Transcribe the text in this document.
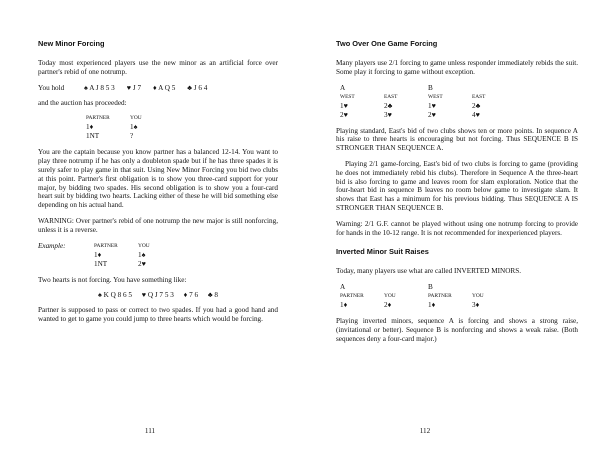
New Minor Forcing
Today most experienced players use the new minor as an artificial force over partner's rebid of one notrump.
You hold	♠ A J 8 5 3 ♥ J 7 ♦ A Q 5 ♣ J 6 4
and the auction has proceeded:
PARTNER	YOU
1♦	1♠
1NT	?
You are the captain because you know partner has a balanced 12-14. You want to play three notrump if he has only a doubleton spade but if he has three spades it is surely safer to play game in that suit. Using New Minor Forcing you bid two clubs at this point. Partner's first obligation is to show you three-card support for your major, by bidding two spades. His second obligation is to show you a four-card heart suit by bidding two hearts. Lacking either of these he will bid something else depending on his actual hand.
WARNING: Over partner's rebid of one notrump the new major is still nonforcing, unless it is a reverse.
Example:	PARTNER	YOU
1♦	1♠
1NT	2♥
Two hearts is not forcing. You have something like:
♠ K Q 8 6 5 ♥ Q J 7 5 3 ♦ 7 6 ♣ 8
Partner is supposed to pass or correct to two spades. If you had a good hand and wanted to get to game you could jump to three hearts which would be forcing.
111
Two Over One Game Forcing
Many players use 2/1 forcing to game unless responder immediately rebids the suit. Some play it forcing to game without exception.
A	B
WEST	EAST	WEST	EAST
1♥	2♣	1♥	2♣
2♥	3♥	2♥	4♥
Playing standard, East's bid of two clubs shows ten or more points. In sequence A his raise to three hearts is encouraging but not forcing. Thus SEQUENCE B IS STRONGER THAN SEQUENCE A.
Playing 2/1 game-forcing, East's bid of two clubs is forcing to game (providing he does not immediately rebid his clubs). Therefore in Sequence A the three-heart bid is also forcing to game and leaves room for slam exploration. Notice that the four-heart bid in sequence B leaves no room below game to investigate slam. It shows that East has a minimum for his previous bidding. Thus SEQUENCE A IS STRONGER THAN SEQUENCE B.
Warning: 2/1 G.F. cannot be played without using one notrump forcing to provide for hands in the 10-12 range. It is not recommended for inexperienced players.
Inverted Minor Suit Raises
Today, many players use what are called INVERTED MINORS.
A	B
PARTNER	YOU	PARTNER	YOU
1♦	2♦	1♦	3♦
Playing inverted minors, sequence A is forcing and shows a strong raise, (invitational or better). Sequence B is nonforcing and shows a weak raise. (Both sequences deny a four-card major.)
112
